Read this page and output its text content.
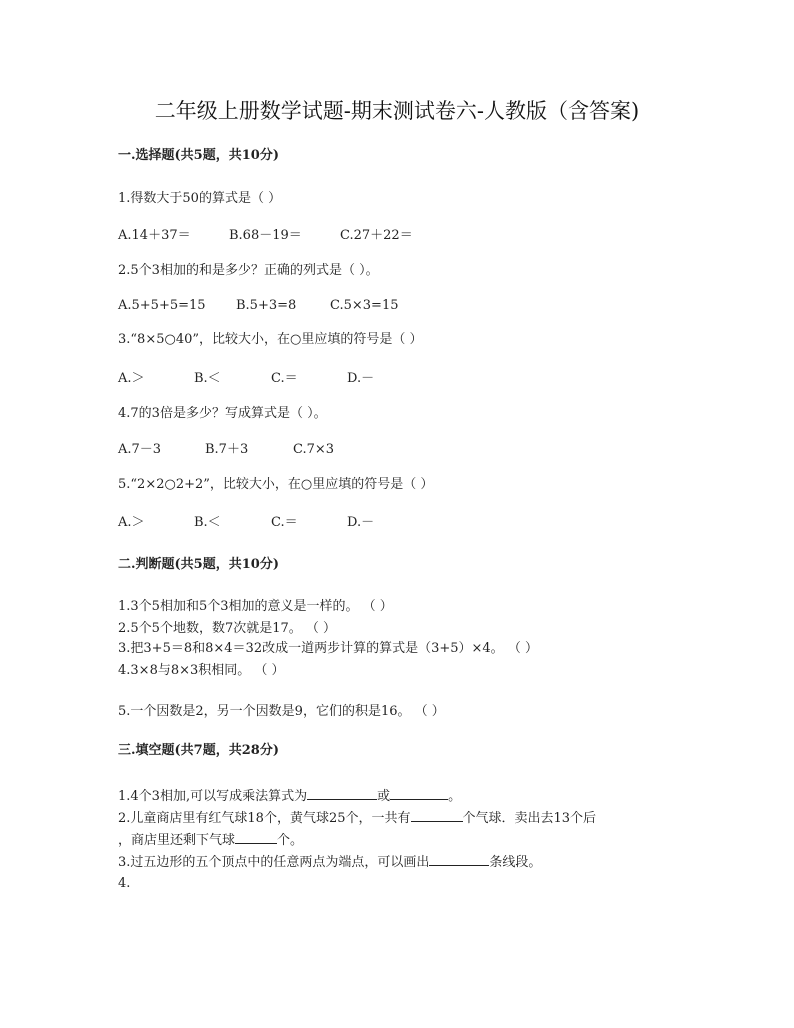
二年级上册数学试题-期末测试卷六-人教版（含答案)
一.选择题(共5题，共10分)
1.得数大于50的算式是（ ）
A.14＋37＝	B.68－19＝	C.27＋22＝
2.5个3相加的和是多少？正确的列式是（ ）。
A.5+5+5=15 B.5+3=8	C.5×3=15
3.“8×5○40”，比较大小，在○里应填的符号是（ ）
A.＞	B.＜	C.＝	D.－
4.7的3倍是多少？写成算式是（ ）。
A.7－3	B.7＋3	C.7×3
5.“2×2○2+2”，比较大小，在○里应填的符号是（ ）
A.＞	B.＜	C.＝	D.－
二.判断题(共5题，共10分)
1.3个5相加和5个3相加的意义是一样的。 （ ）
2.5个5个地数，数7次就是17。 （ ）
3.把3+5＝8和8×4＝32改成一道两步计算的算式是（3+5）×4。 （ ）
4.3×8与8×3积相同。 （ ）
5.一个因数是2，另一个因数是9，它们的积是16。 （ ）
三.填空题(共7题，共28分)
1.4个3相加,可以写成乘法算式为	或	。
2.儿童商店里有红气球18个，黄气球25个，一共有	个气球．卖出去13个后
，商店里还剩下气球	个。
3.过五边形的五个顶点中的任意两点为端点，可以画出	条线段。
4.
